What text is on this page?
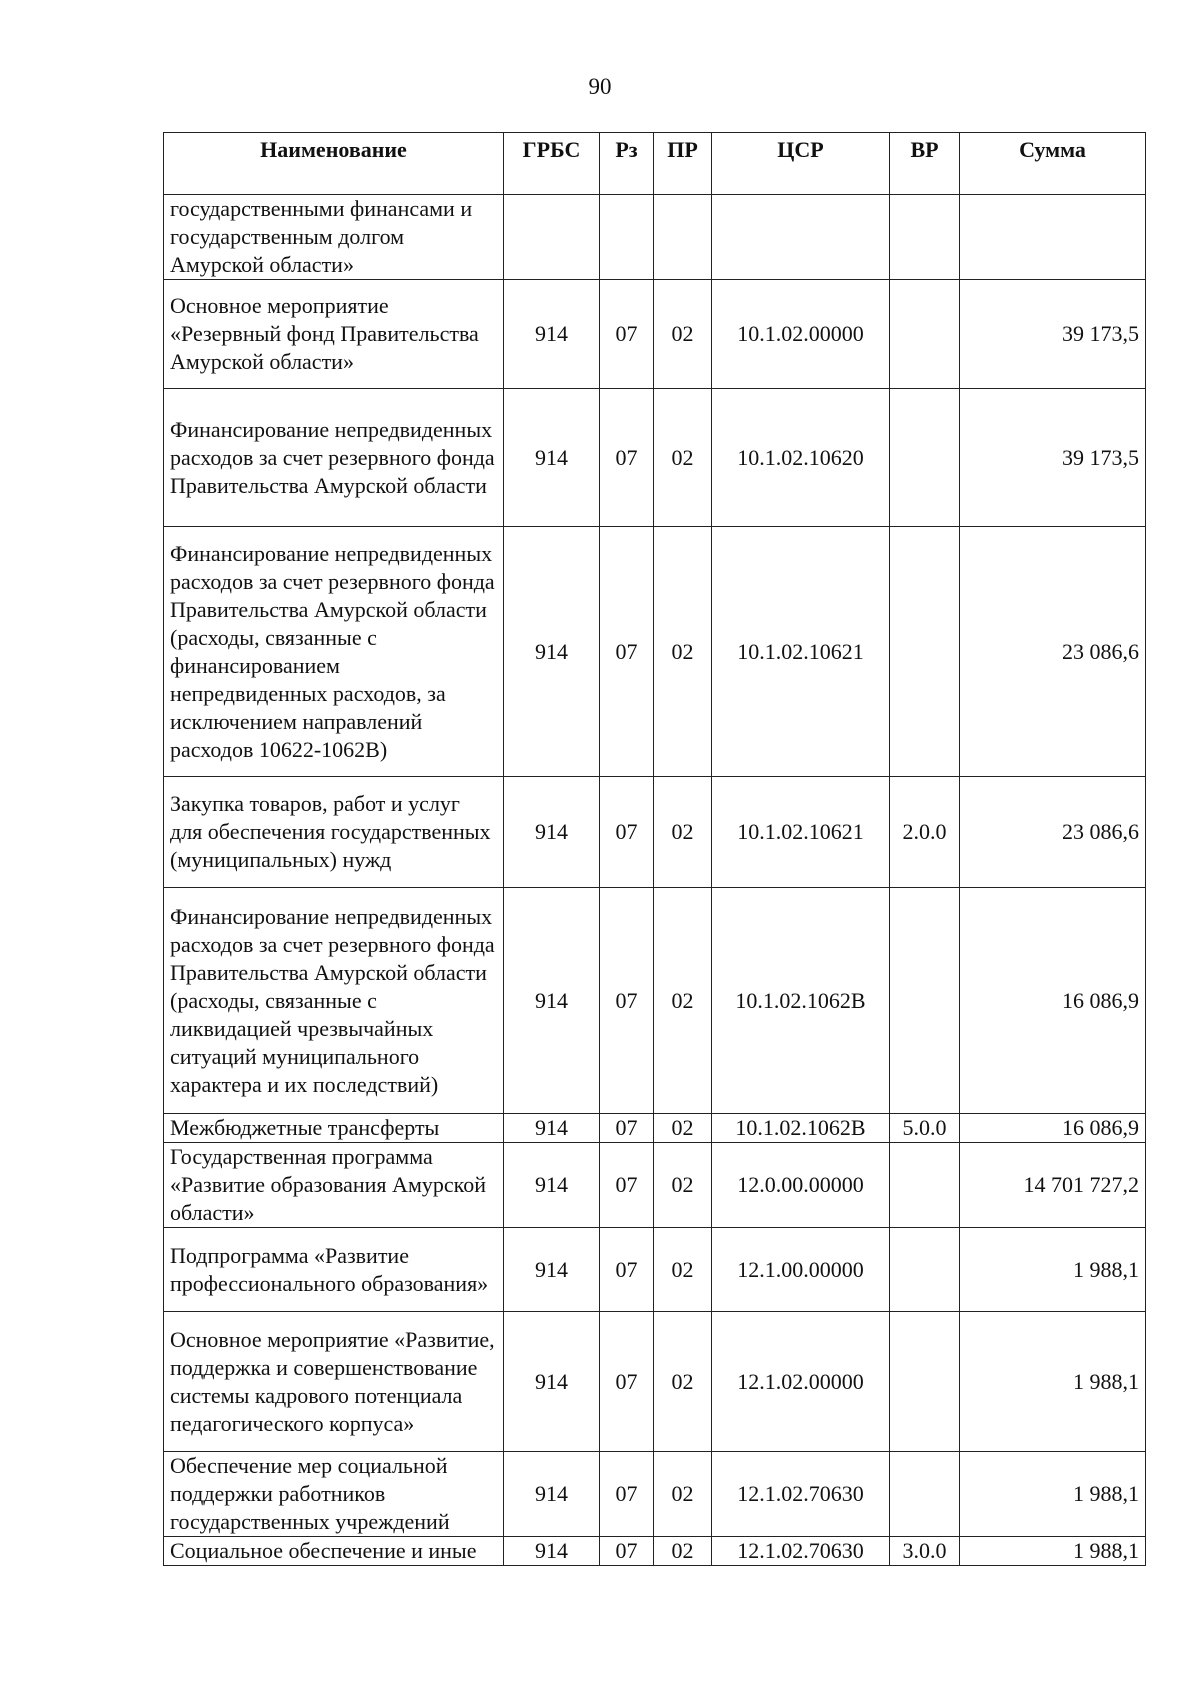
90
Наименование	ГРБС	Рз	ПР	ЦСР	ВР	Сумма
государственными финансами и государственным долгом Амурской области»						
Основное мероприятие «Резервный фонд Правительства Амурской области»	914	07	02	10.1.02.00000		39 173,5
Финансирование непредвиденных расходов за счет резервного фонда Правительства Амурской области	914	07	02	10.1.02.10620		39 173,5
Финансирование непредвиденных расходов за счет резервного фонда Правительства Амурской области (расходы, связанные с финансированием непредвиденных расходов, за исключением направлений расходов 10622-1062В)	914	07	02	10.1.02.10621		23 086,6
Закупка товаров, работ и услуг для обеспечения государственных (муниципальных) нужд	914	07	02	10.1.02.10621	2.0.0	23 086,6
Финансирование непредвиденных расходов за счет резервного фонда Правительства Амурской области (расходы, связанные с ликвидацией чрезвычайных ситуаций муниципального характера и их последствий)	914	07	02	10.1.02.1062В		16 086,9
Межбюджетные трансферты	914	07	02	10.1.02.1062В	5.0.0	16 086,9
Государственная программа «Развитие образования Амурской области»	914	07	02	12.0.00.00000		14 701 727,2
Подпрограмма «Развитие профессионального образования»	914	07	02	12.1.00.00000		1 988,1
Основное мероприятие «Развитие, поддержка и совершенствование системы кадрового потенциала педагогического корпуса»	914	07	02	12.1.02.00000		1 988,1
Обеспечение мер социальной поддержки работников государственных учреждений	914	07	02	12.1.02.70630		1 988,1
Социальное обеспечение и иные	914	07	02	12.1.02.70630	3.0.0	1 988,1
